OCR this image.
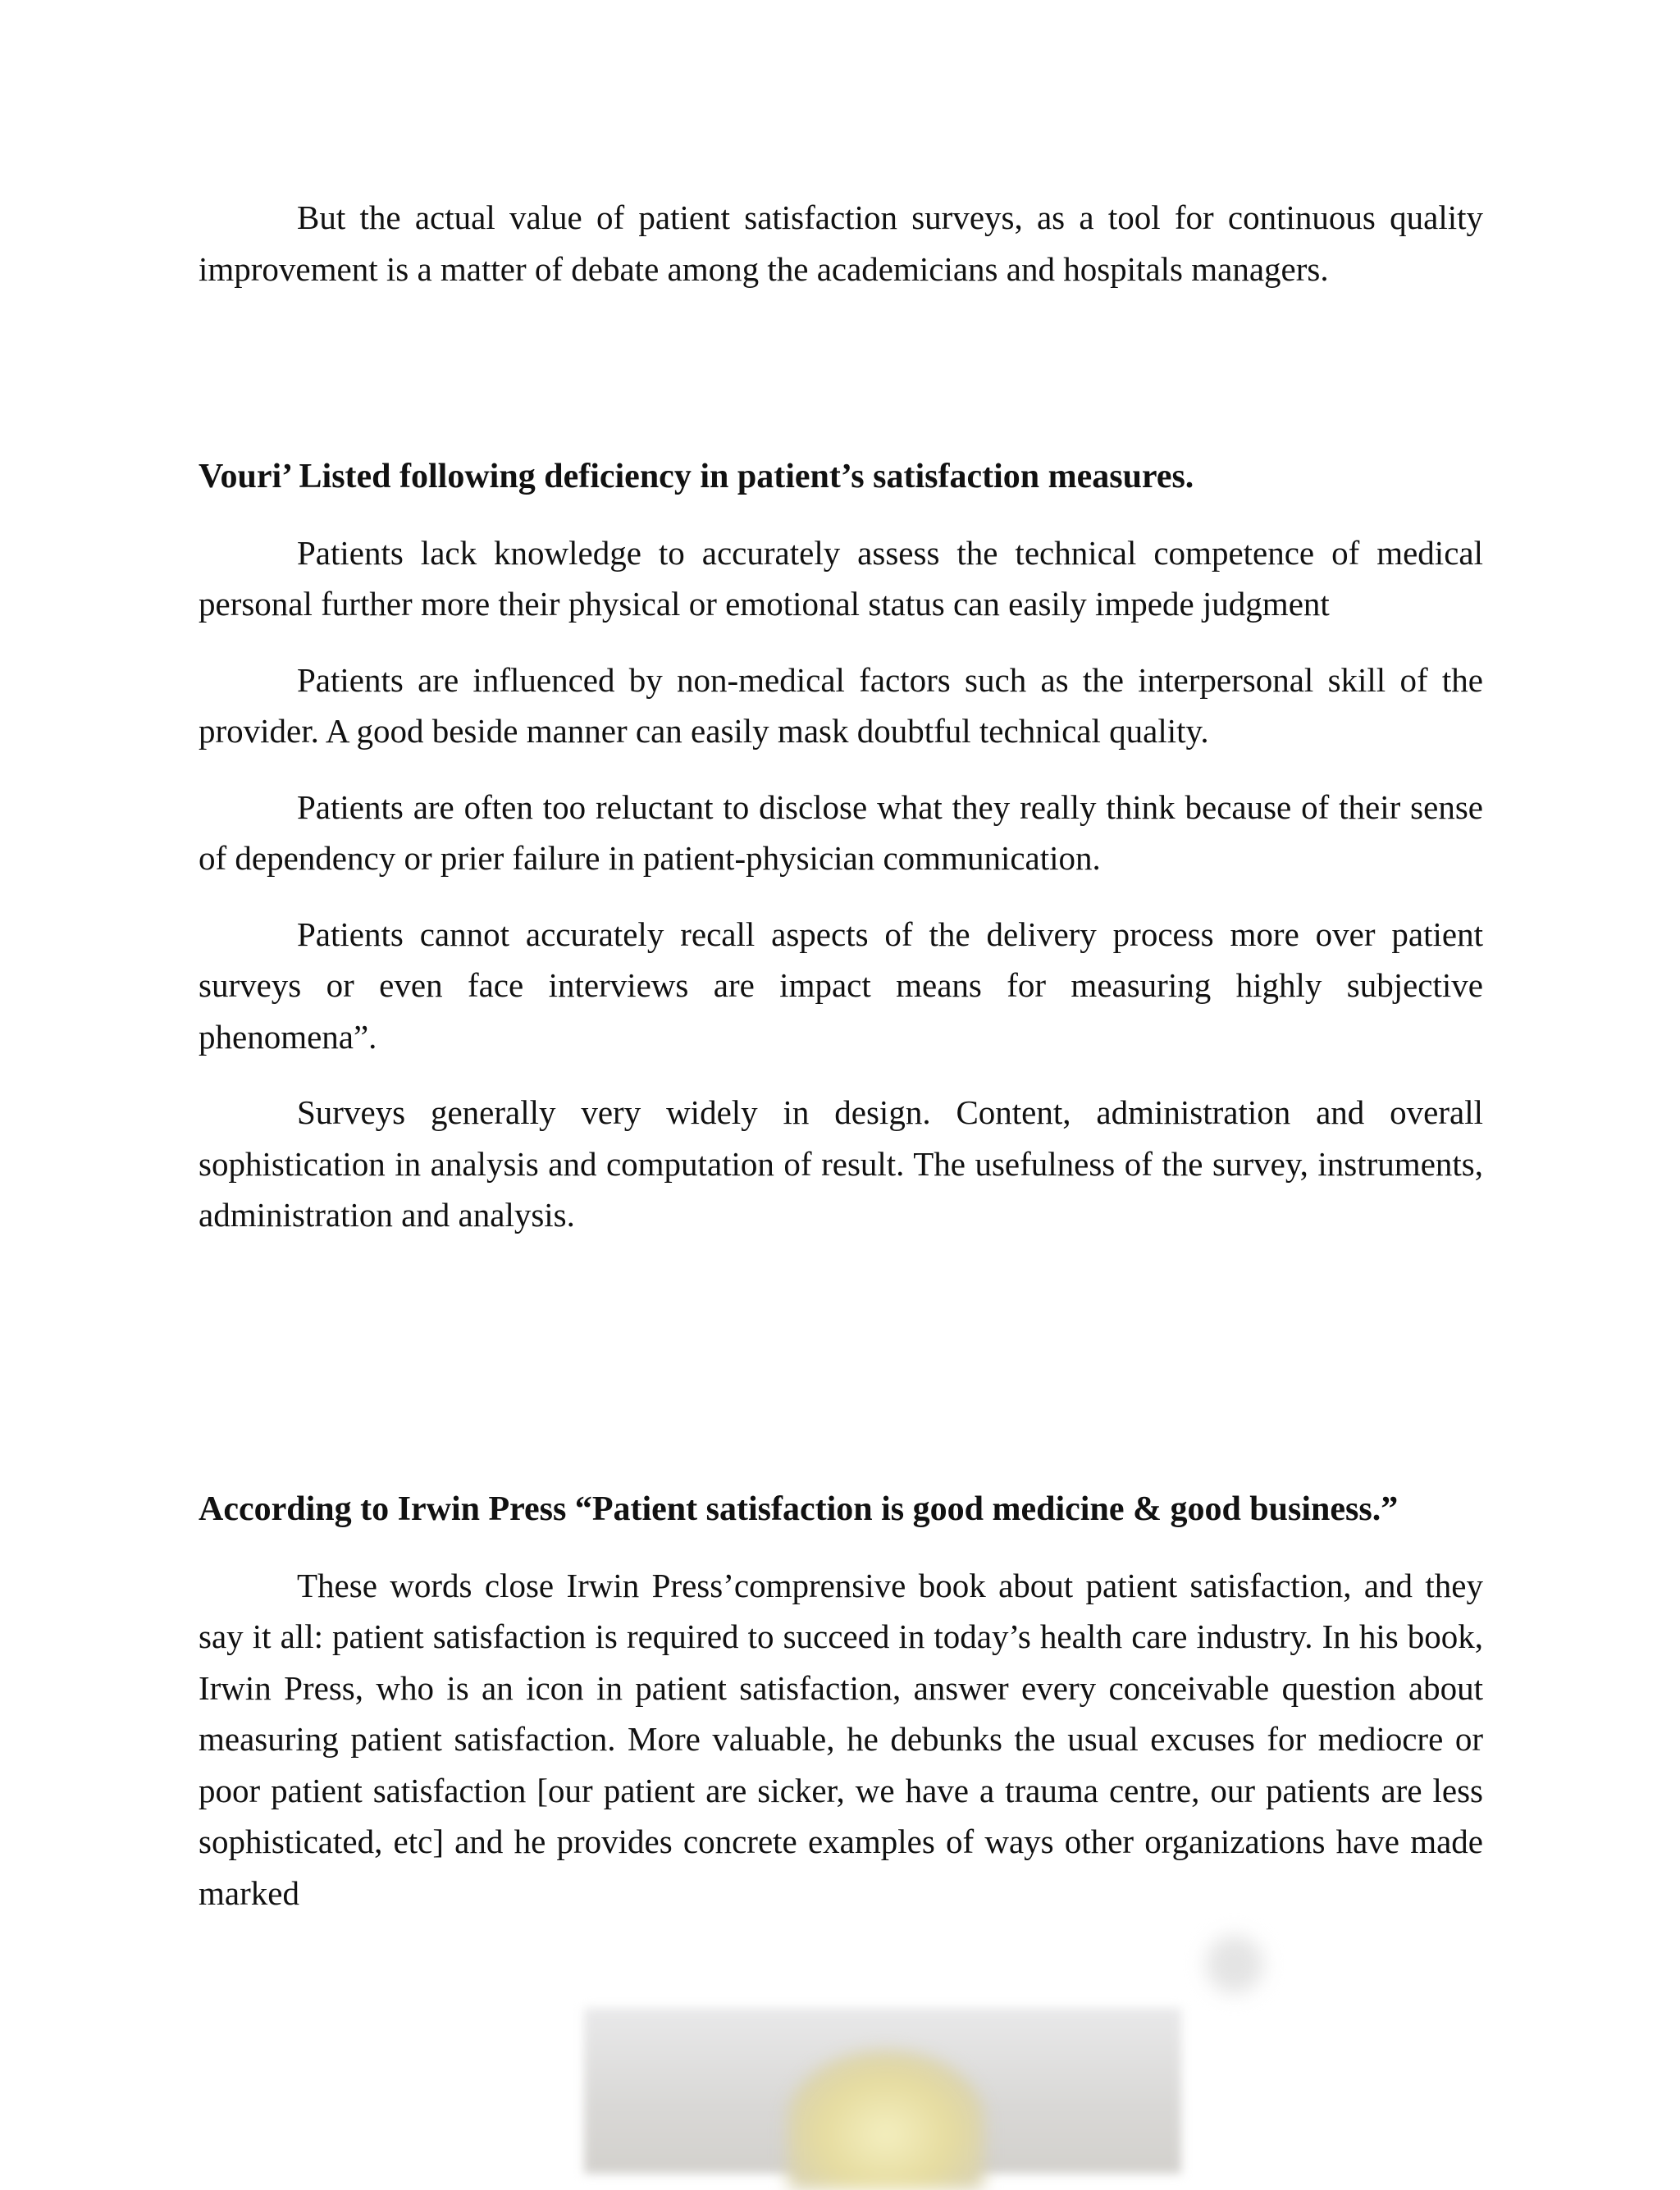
But the actual value of patient satisfaction surveys, as a tool for continuous quality improvement is a matter of debate among the academicians and hospitals managers.

Vouri’ Listed following deficiency in patient’s satisfaction measures.

Patients lack knowledge to accurately assess the technical competence of medical personal further more their physical or emotional status can easily impede judgment

Patients are influenced by non-medical factors such as the interpersonal skill of the provider. A good beside manner can easily mask doubtful technical quality.

Patients are often too reluctant to disclose what they really think because of their sense of dependency or prier failure in patient-physician communication.

Patients cannot accurately recall aspects of the delivery process more over patient surveys or even face interviews are impact means for measuring highly subjective phenomena”.

Surveys generally very widely in design. Content, administration and overall sophistication in analysis and computation of result. The usefulness of the survey, instruments, administration and analysis.

According to Irwin Press “Patient satisfaction is good medicine & good business.”

These words close Irwin Press’comprensive book about patient satisfaction, and they say it all: patient satisfaction is required to succeed in today’s health care industry. In his book, Irwin Press, who is an icon in patient satisfaction, answer every conceivable question about measuring patient satisfaction. More valuable, he debunks the usual excuses for mediocre or poor patient satisfaction [our patient are sicker, we have a trauma centre, our patients are less sophisticated, etc] and he provides concrete examples of ways other organizations have made marked
